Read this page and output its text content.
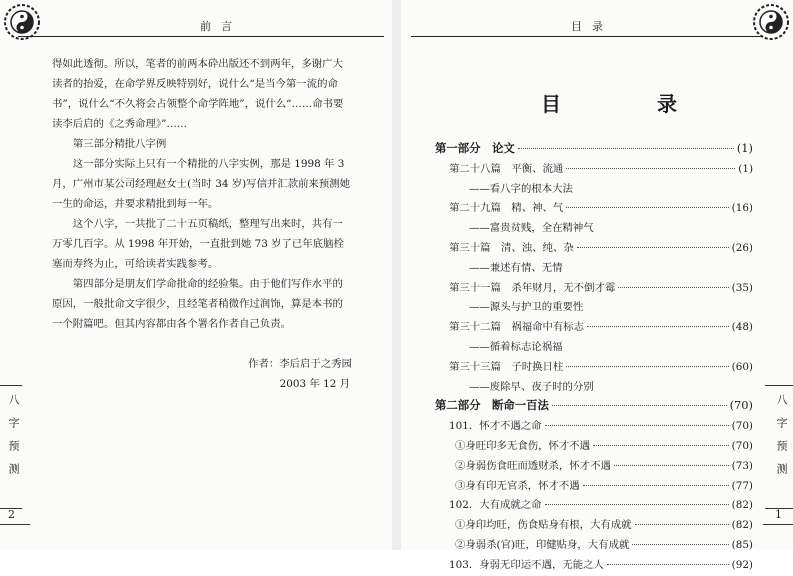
前言

得如此透彻。所以，笔者的前两本砕出版还不到两年，多谢广大读者的抬爱，在命学界反映特别好，说什么“是当今第一流的命书”，说什么“不久将会占领整个命学阵地”，说什么“……命书要读李后启的《之秀命理》”……

第三部分精批八字例

这一部分实际上只有一个精批的八字实例，那是 1998 年 3 月，广州市某公司经理赵女士(当时 34 岁)写信并汇款前来预测她一生的命运，并要求精批到每一年。

这个八字，一共批了二十五页稿纸，整理写出来时，共有一万零几百字。从 1998 年开始，一直批到她 73 岁了已年底脑栓塞而寿终为止，可给读者实践参考。

第四部分是朋友们学命批命的经验集。由于他们写作水平的原因，一般批命文字很少，且经笔者稍微作过润饰，算是本书的一个附篇吧。但其内容都由各个署名作者自己负责。

作者：李后启于之秀园

2003 年 12 月

八字预测
2
目录
目　录
第一部分　论文	(1)
第二十八篇　平衡、流通	(1)
——看八字的根本大法
第二十九篇　精、神、气	(16)
——富贵贫贱，全在精神气
第三十篇　清、浊、纯、杂	(26)
——兼述有情、无情
第三十一篇　杀年财月，无不倒才霉	(35)
——源头与护卫的重要性
第三十二篇　祸福命中有标志	(48)
——循着标志论祸福
第三十三篇　子时换日柱	(60)
——废除早、夜子时的分别
第二部分　断命一百法	(70)
101．怀才不遇之命	(70)
①身旺印多无食伤，怀才不遇	(70)
②身弱伤食旺而透财杀，怀才不遇	(73)
③身有印无官杀，怀才不遇	(77)
102．大有成就之命	(82)
①身印均旺，伤食贴身有根，大有成就	(82)
②身弱杀(官)旺，印健贴身，大有成就	(85)
103．身弱无印运不遇，无能之人	(92)
八字预测
1
